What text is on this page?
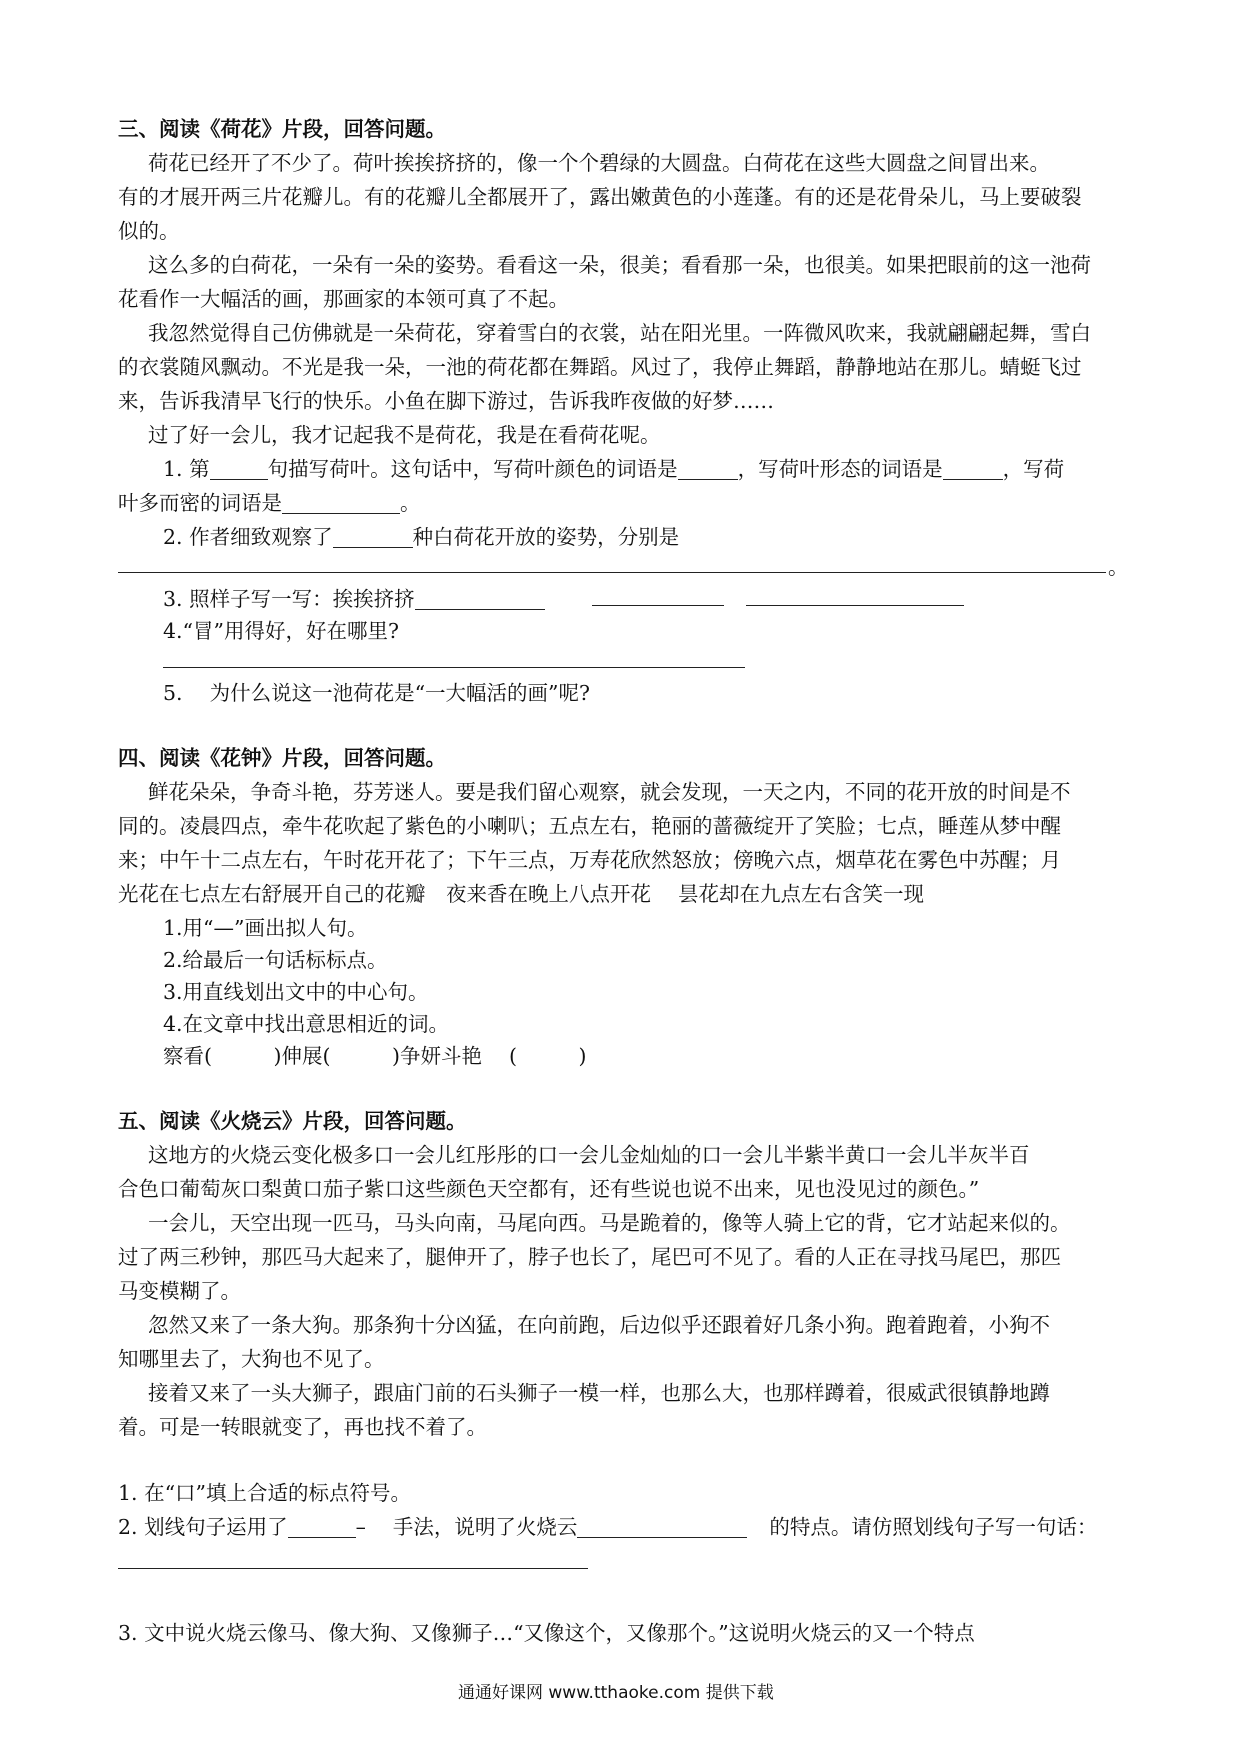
三、阅读《荷花》片段，回答问题。
荷花已经开了不少了。荷叶挨挨挤挤的，像一个个碧绿的大圆盘。白荷花在这些大圆盘之间冒出来。
有的才展开两三片花瓣儿。有的花瓣儿全都展开了，露出嫩黄色的小莲蓬。有的还是花骨朵儿，马上要破裂
似的。
这么多的白荷花，一朵有一朵的姿势。看看这一朵，很美；看看那一朵，也很美。如果把眼前的这一池荷
花看作一大幅活的画，那画家的本领可真了不起。
我忽然觉得自己仿佛就是一朵荷花，穿着雪白的衣裳，站在阳光里。一阵微风吹来，我就翩翩起舞，雪白
的衣裳随风飘动。不光是我一朵，一池的荷花都在舞蹈。风过了，我停止舞蹈，静静地站在那儿。蜻蜓飞过
来，告诉我清早飞行的快乐。小鱼在脚下游过，告诉我昨夜做的好梦……
过了好一会儿，我才记起我不是荷花，我是在看荷花呢。
1. 第	句描写荷叶。这句话中，写荷叶颜色的词语是	，写荷叶形态的词语是	，写荷
叶多而密的词语是	。
2. 作者细致观察了	种白荷花开放的姿势，分别是
。
3. 照样子写一写：挨挨挤挤
4.“冒”用得好，好在哪里?
5.　 为什么说这一池荷花是“一大幅活的画”呢?
四、阅读《花钟》片段，回答问题。
鲜花朵朵，争奇斗艳，芬芳迷人。要是我们留心观察，就会发现，一天之内，不同的花开放的时间是不
同的。凌晨四点，牵牛花吹起了紫色的小喇叭；五点左右，艳丽的蔷薇绽开了笑脸；七点，睡莲从梦中醒
来；中午十二点左右，午时花开花了；下午三点，万寿花欣然怒放；傍晚六点，烟草花在雾色中苏醒；月
光花在七点左右舒展开自己的花瓣　夜来香在晚上八点开花　 昙花却在九点左右含笑一现
1.用“—”画出拟人句。
2.给最后一句话标标点。
3.用直线划出文中的中心句。
4.在文章中找出意思相近的词。
察看(　　　)伸展(　　　)争妍斗艳　 (　　　)
五、阅读《火烧云》片段，回答问题。
这地方的火烧云变化极多口一会儿红彤彤的口一会儿金灿灿的口一会儿半紫半黄口一会儿半灰半百
合色口葡萄灰口梨黄口茄子紫口这些颜色天空都有，还有些说也说不出来，见也没见过的颜色。”
一会儿，天空出现一匹马，马头向南，马尾向西。马是跪着的，像等人骑上它的背，它才站起来似的。
过了两三秒钟，那匹马大起来了，腿伸开了，脖子也长了，尾巴可不见了。看的人正在寻找马尾巴，那匹
马变模糊了。
忽然又来了一条大狗。那条狗十分凶猛，在向前跑，后边似乎还跟着好几条小狗。跑着跑着，小狗不
知哪里去了，大狗也不见了。
接着又来了一头大狮子，跟庙门前的石头狮子一模一样，也那么大，也那样蹲着，很威武很镇静地蹲
着。可是一转眼就变了，再也找不着了。
1. 在“口”填上合适的标点符号。
2. 划线句子运用了	–　 手法，说明了火烧云	的特点。请仿照划线句子写一句话：
3. 文中说火烧云像马、像大狗、又像狮子…“又像这个，又像那个。”这说明火烧云的又一个特点
通通好课网 www.tthaoke.com 提供下载
